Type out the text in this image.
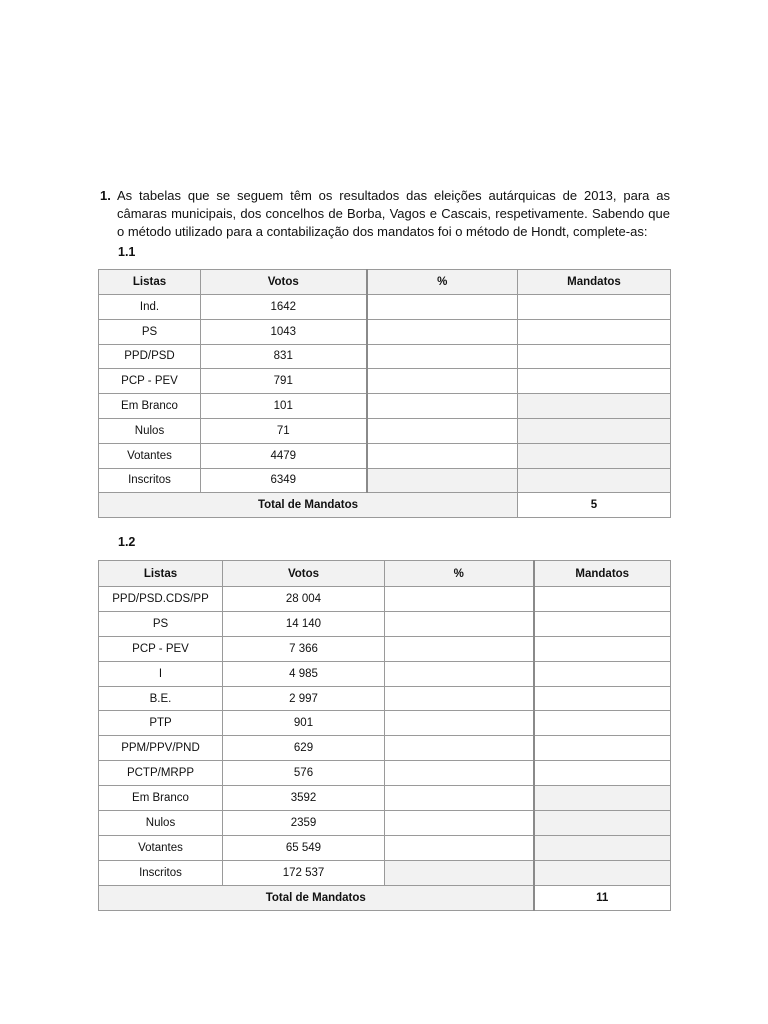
1. As tabelas que se seguem têm os resultados das eleições autárquicas de 2013, para as câmaras municipais, dos concelhos de Borba, Vagos e Cascais, respetivamente. Sabendo que o método utilizado para a contabilização dos mandatos foi o método de Hondt, complete-as:
1.1
Listas	Votos	%	Mandatos
Ind.	1642		
PS	1043		
PPD/PSD	831		
PCP - PEV	791		
Em Branco	101		
Nulos	71		
Votantes	4479		
Inscritos	6349		
Total de Mandatos			5
1.2
Listas	Votos	%	Mandatos
PPD/PSD.CDS/PP	28 004		
PS	14 140		
PCP - PEV	7 366		
I	4 985		
B.E.	2 997		
PTP	901		
PPM/PPV/PND	629		
PCTP/MRPP	576		
Em Branco	3592		
Nulos	2359		
Votantes	65 549		
Inscritos	172 537		
Total de Mandatos			11
